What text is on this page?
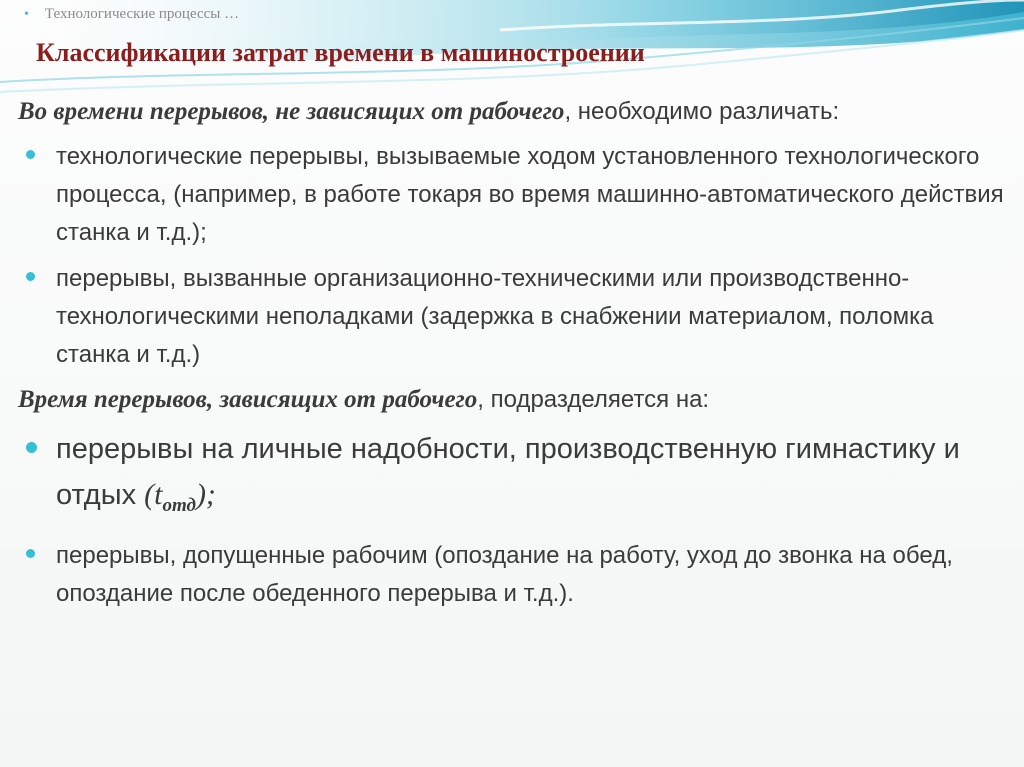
• Технологические процессы …
Классификации затрат времени в машиностроении

Во времени перерывов, не зависящих от рабочего, необходимо различать:

технологические перерывы, вызываемые ходом установленного технологического процесса, (например, в работе токаря во время машинно-автоматического действия станка и т.д.);

перерывы, вызванные организационно-техническими или производственно-технологическими неполадками (задержка в снабжении материалом, поломка станка и т.д.)

Время перерывов, зависящих от рабочего, подразделяется на:

перерывы на личные надобности, производственную гимнастику и отдых $(t_{отд})$;

перерывы, допущенные рабочим (опоздание на работу, уход до звонка на обед, опоздание после обеденного перерыва и т.д.).
